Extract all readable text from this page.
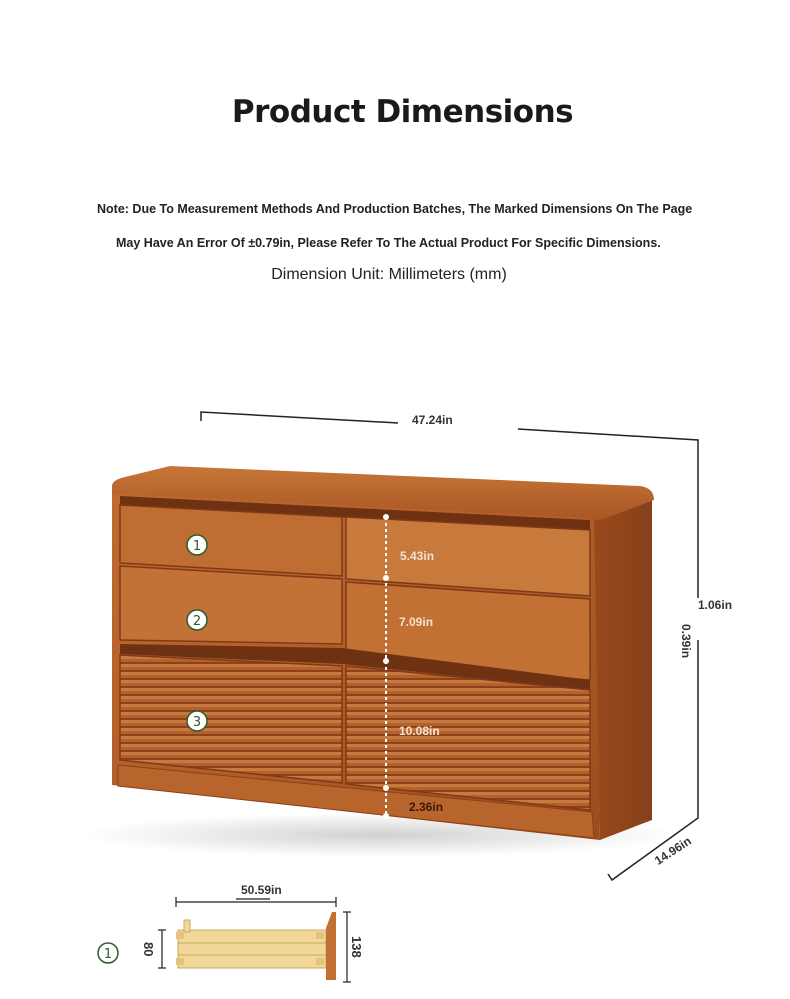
Product Dimensions
Note: Due To Measurement Methods And Production Batches, The Marked Dimensions On The Page
May Have An Error Of ±0.79in, Please Refer To The Actual Product For Specific Dimensions.
Dimension Unit: Millimeters (mm)
1
2
3
1
47.24in
1.06in
0.39in
14.96in
5.43in
7.09in
10.08in
2.36in
50.59in
80	138
